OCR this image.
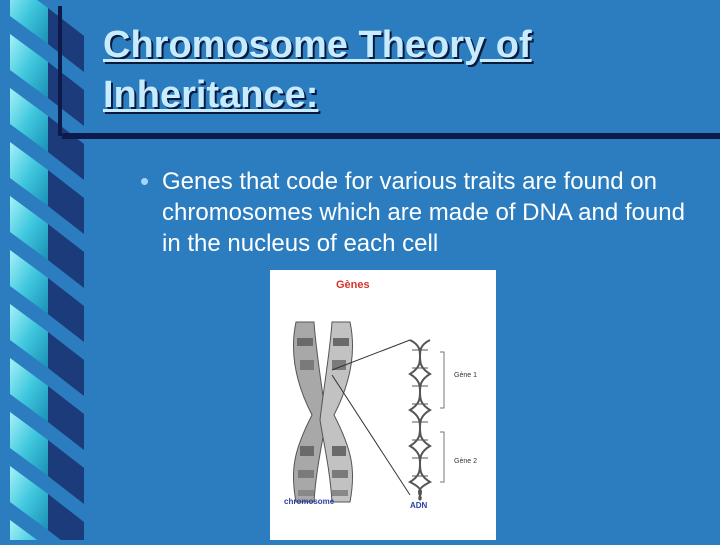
Chromosome Theory of
Inheritance:
• Genes that code for various traits are found on chromosomes which are made of DNA and found in the nucleus of each cell

Gènes
Gène 1
Gène 2
chromosome	ADN
